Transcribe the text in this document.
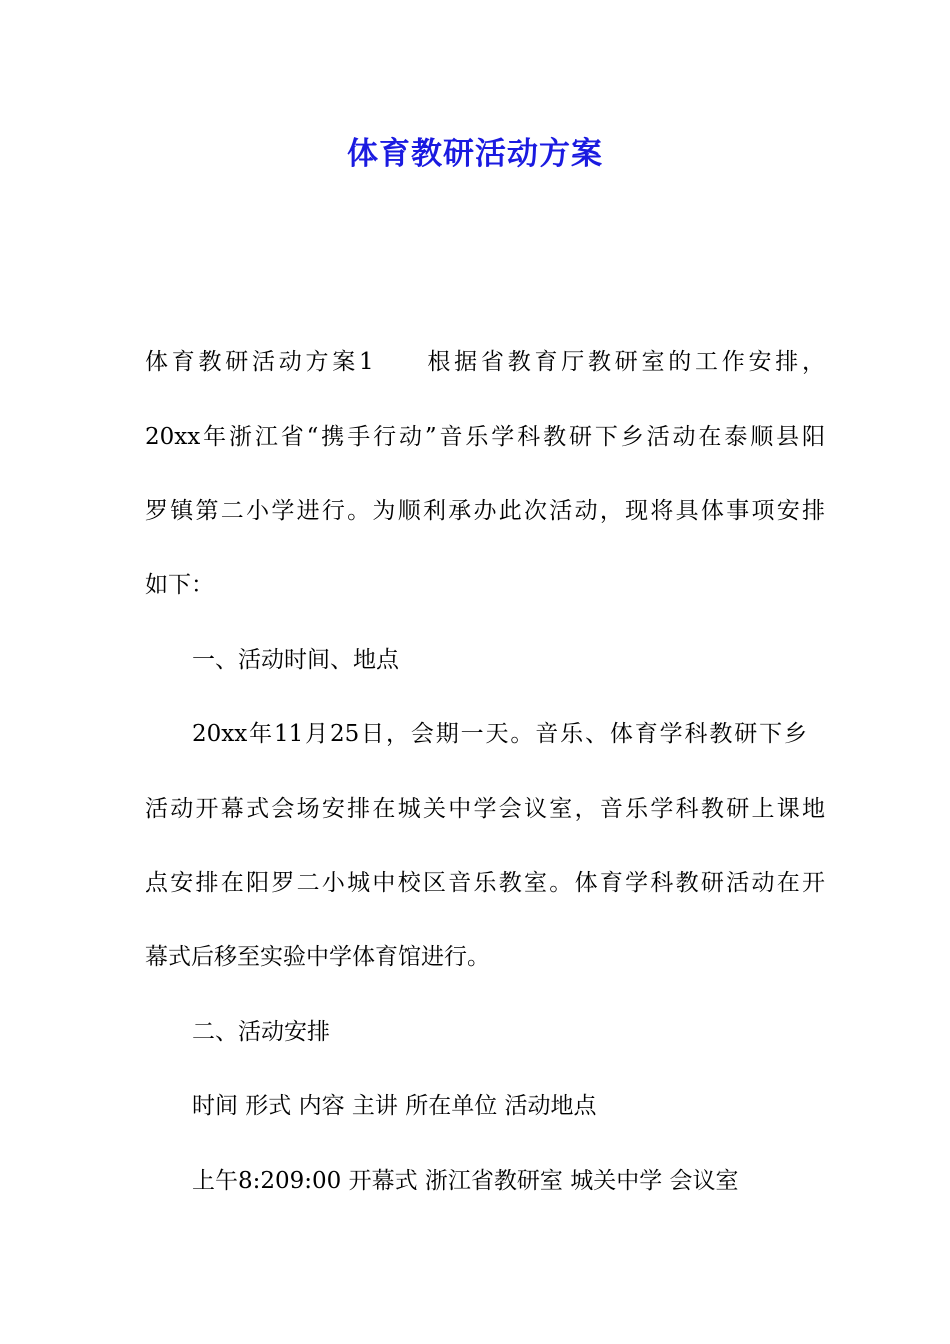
体育教研活动方案
体育教研活动方案1 根据省教育厅教研室的工作安排，
20xx年浙江省“携手行动”音乐学科教研下乡活动在泰顺县阳
罗镇第二小学进行。为顺利承办此次活动，现将具体事项安排
如下：
一、活动时间、地点
20xx年11月25日，会期一天。音乐、体育学科教研下乡
活动开幕式会场安排在城关中学会议室，音乐学科教研上课地
点安排在阳罗二小城中校区音乐教室。体育学科教研活动在开
幕式后移至实验中学体育馆进行。
二、活动安排
时间 形式 内容 主讲 所在单位 活动地点
上午8:209:00 开幕式 浙江省教研室 城关中学 会议室
